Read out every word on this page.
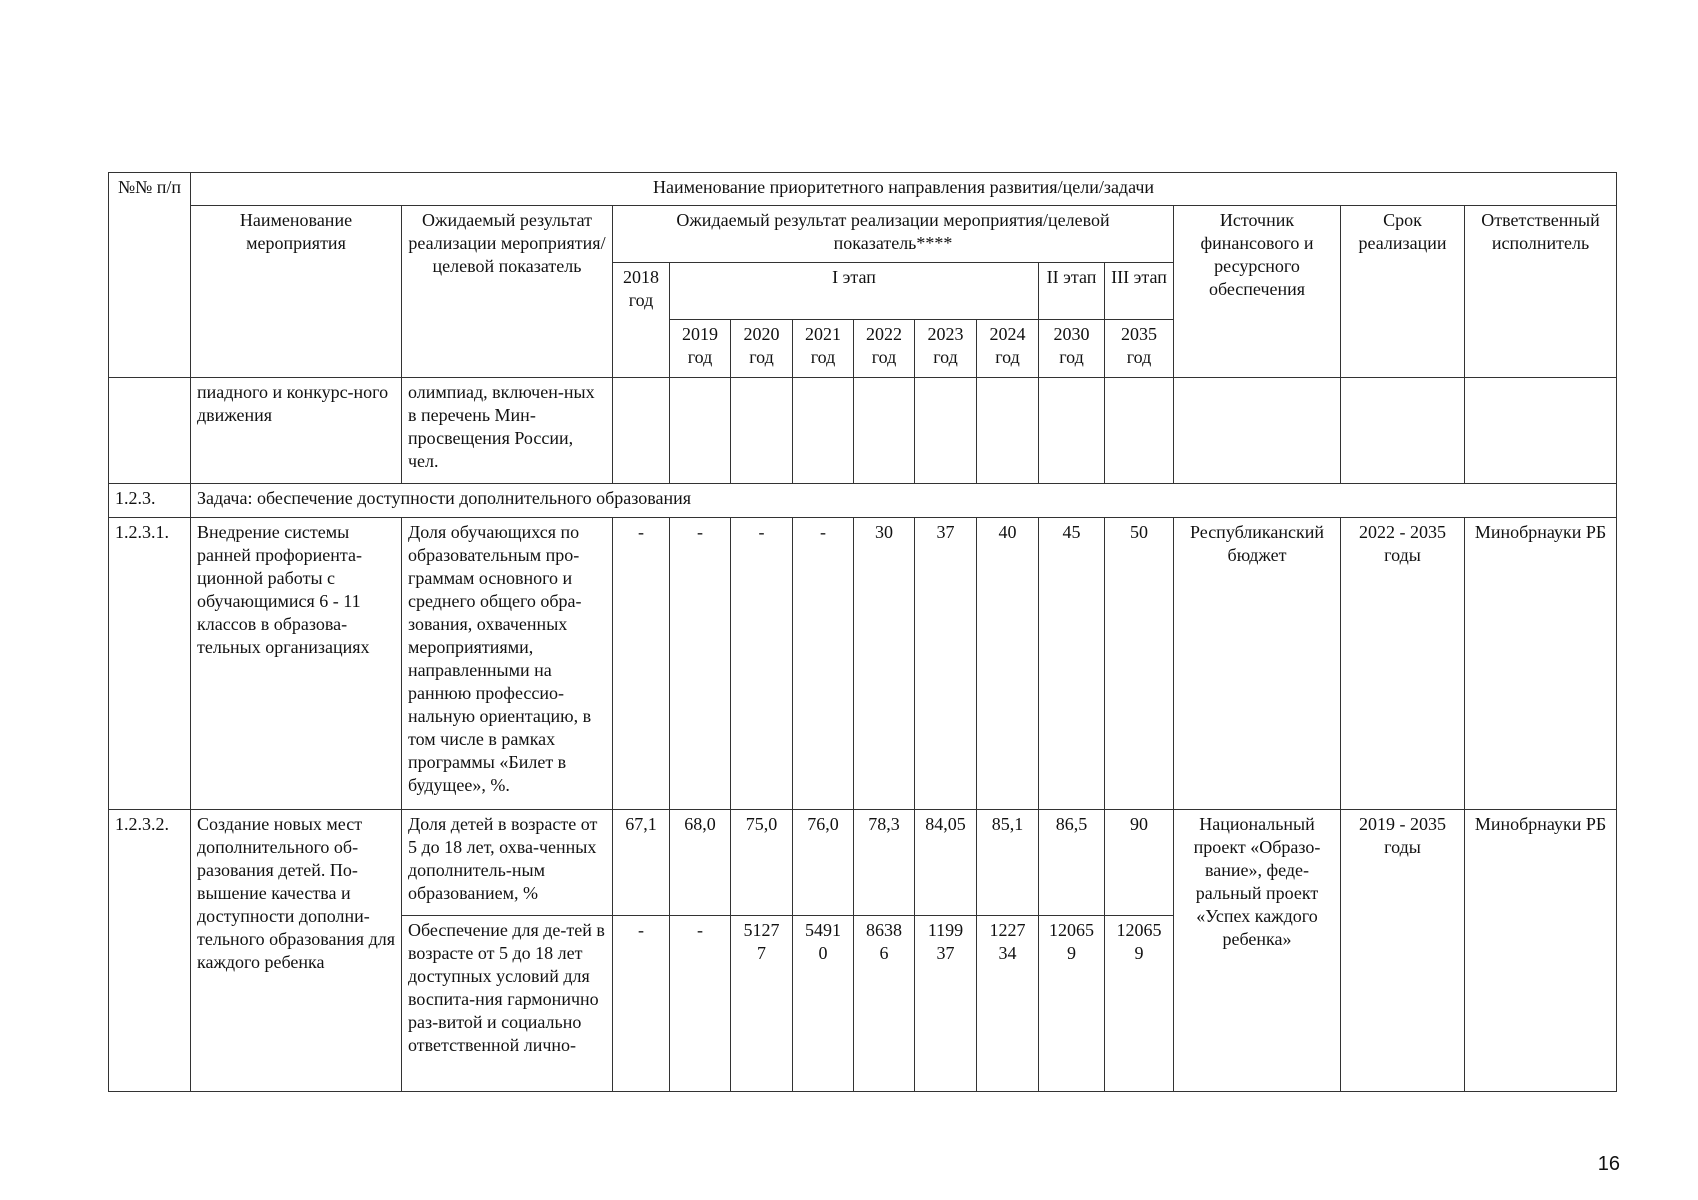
№№ п/п	Наименование приоритетного направления развития/цели/задачи													
	Наименование мероприятия	Ожидаемый результат реализации мероприятия/целевой показатель	Ожидаемый результат реализации мероприятия/целевой показатель****									Источник финансового и ресурсного обеспечения	Срок реализации	Ответственный исполнитель
			2018 год	I этап						II этап	III этап			
				2019 год	2020 год	2021 год	2022 год	2023 год	2024 год	2030 год	2035 год			
	пиадного и конкурс-ного движения	олимпиад, включен-ных в перечень Мин-просвещения России, чел.												
1.2.3.	Задача: обеспечение доступности дополнительного образования													
1.2.3.1.	Внедрение системы ранней профориента-ционной работы с обучающимися 6 - 11 классов в образова-тельных организациях	Доля обучающихся по образовательным про-граммам основного и среднего общего обра-зования, охваченных мероприятиями, направленными на раннюю профессио-нальную ориентацию, в том числе в рамках программы «Билет в будущее», %.	-	-	-	-	30	37	40	45	50	Республиканский бюджет	2022 - 2035 годы	Минобрнауки РБ
1.2.3.2.	Создание новых мест дополнительного об-разования детей. По-вышение качества и доступности дополни-тельного образования для каждого ребенка	Доля детей в возрасте от 5 до 18 лет, охва-ченных дополнитель-ным образованием, %	67,1	68,0	75,0	76,0	78,3	84,05	85,1	86,5	90	Национальный проект «Образо-вание», феде-ральный проект «Успех каждого ребенка»	2019 - 2035 годы	Минобрнауки РБ
		Обеспечение для де-тей в возрасте от 5 до 18 лет доступных условий для воспита-ния гармонично раз-витой и социально ответственной лично-	-	-	5127 7	5491 0	8638 6	1199 37	1227 34	12065 9	12065 9			
16
